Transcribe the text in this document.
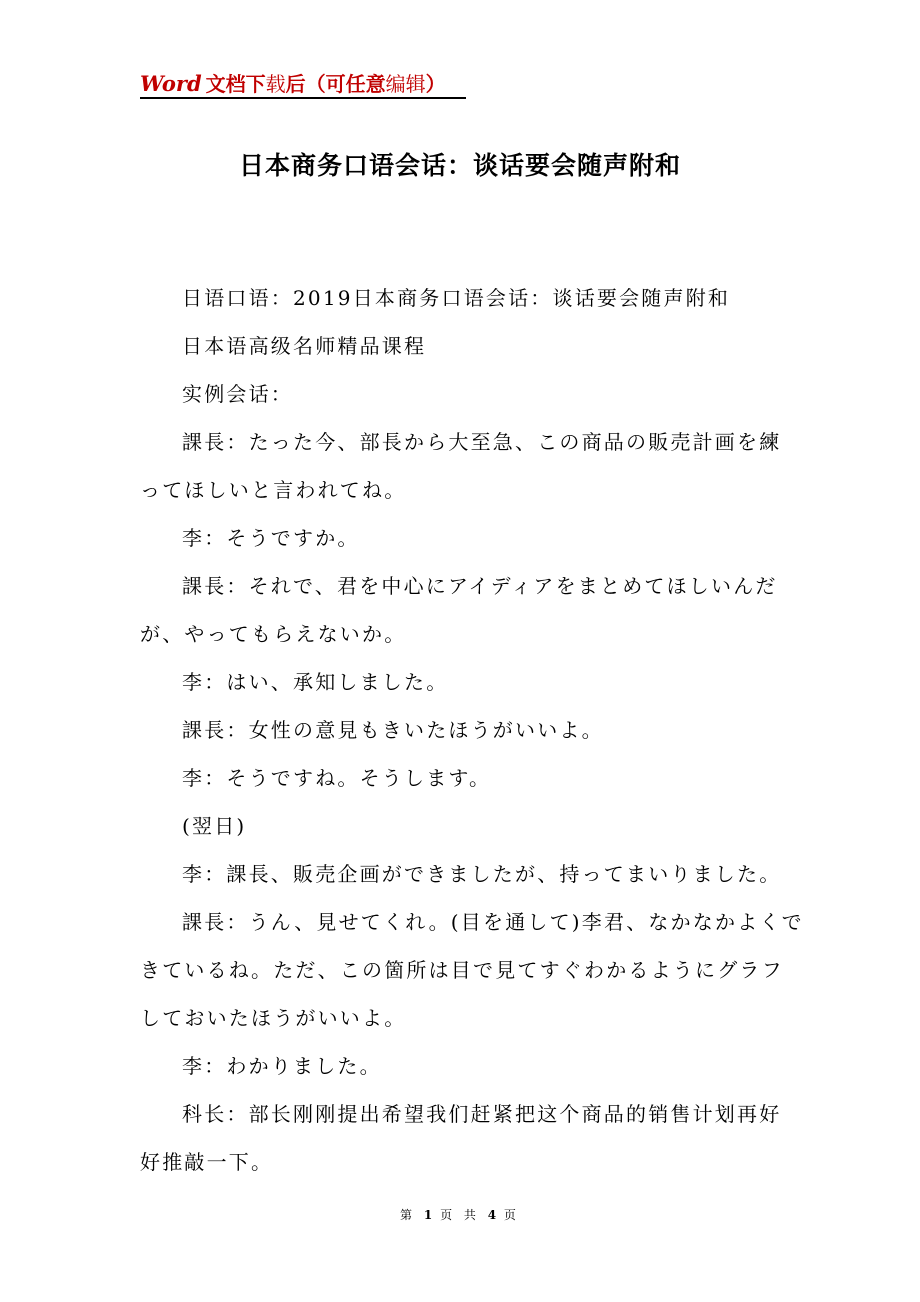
Word 文档下 载 后（可任意 编辑 ）
日本商务口语会话：谈话要会随声附和
日语口语：2019日本商务口语会话：谈话要会随声附和
日本语高级名师精品课程
实例会话：
課長：たった今、部長から大至急、この商品の販売計画を練
ってほしいと言われてね。
李：そうですか。
課長：それで、君を中心にアイディアをまとめてほしいんだ
が、やってもらえないか。
李：はい、承知しました。
課長：女性の意見もきいたほうがいいよ。
李：そうですね。そうします。
(翌日)
李：課長、販売企画ができましたが、持ってまいりました。
課長：うん、見せてくれ。(目を通して)李君、なかなかよくで
きているね。ただ、この箇所は目で見てすぐわかるようにグラフ
しておいたほうがいいよ。
李：わかりました。
科长：部长刚刚提出希望我们赶紧把这个商品的销售计划再好
好推敲一下。
第 1 页 共 4 页
